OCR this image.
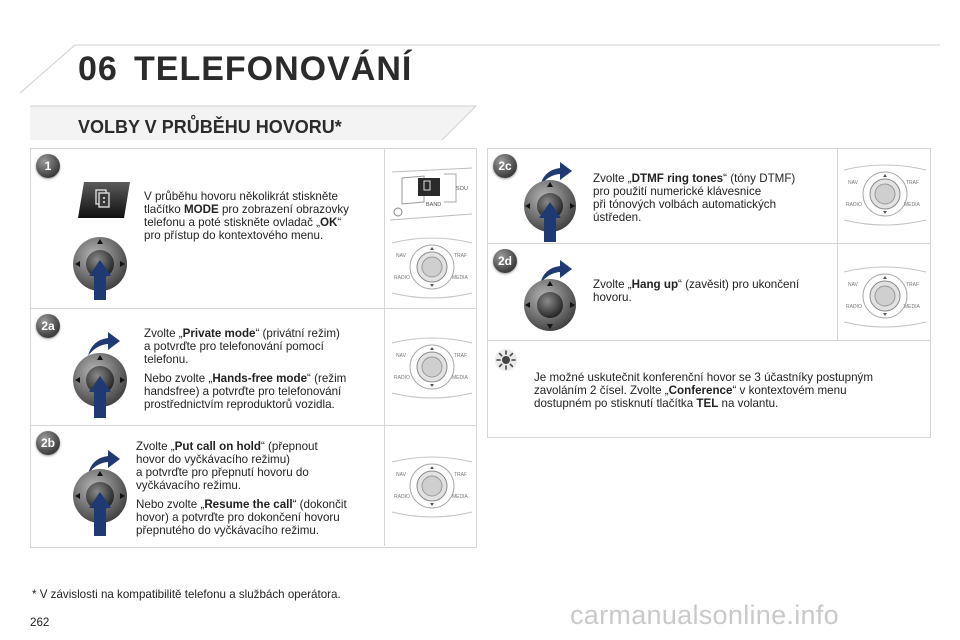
06 TELEFONOVÁNÍ
VOLBY V PRŮBĚHU HOVORU*
1
2a
2b
2c
2d
BAND
SOU
NAV	TRAF
RADIO	MEDIA

V průběhu hovoru několikrát stiskněte

tlačítko MODE pro zobrazení obrazovky

telefonu a poté stiskněte ovladač „OK“

pro přístup do kontextového menu.

NAV	TRAF
RADIO	MEDIA

Zvolte „Private mode“ (privátní režim)

a potvrďte pro telefonování pomocí

telefonu.

Nebo zvolte „Hands-free mode“ (režim

handsfree) a potvrďte pro telefonování

prostřednictvím reproduktorů vozidla.

NAV	TRAF
RADIO	MEDIA

Zvolte „Put call on hold“ (přepnout

hovor do vyčkávacího režimu)

a potvrďte pro přepnutí hovoru do

vyčkávacího režimu.

Nebo zvolte „Resume the call“ (dokončit

hovor) a potvrďte pro dokončení hovoru

přepnutého do vyčkávacího režimu.

NAV	TRAF
RADIO	MEDIA

Zvolte „DTMF ring tones“ (tóny DTMF)

pro použití numerické klávesnice

při tónových volbách automatických

ústředen.

NAV	TRAF
RADIO	MEDIA

Zvolte „Hang up“ (zavěsit) pro ukončení

hovoru.

Je možné uskutečnit konferenční hovor se 3 účastníky postupným

zavoláním 2 čísel. Zvolte „Conference“ v kontextovém menu

dostupném po stisknutí tlačítka TEL na volantu.

* V závislosti na kompatibilitě telefonu a službách operátora.
262	carmanualsonline.info
